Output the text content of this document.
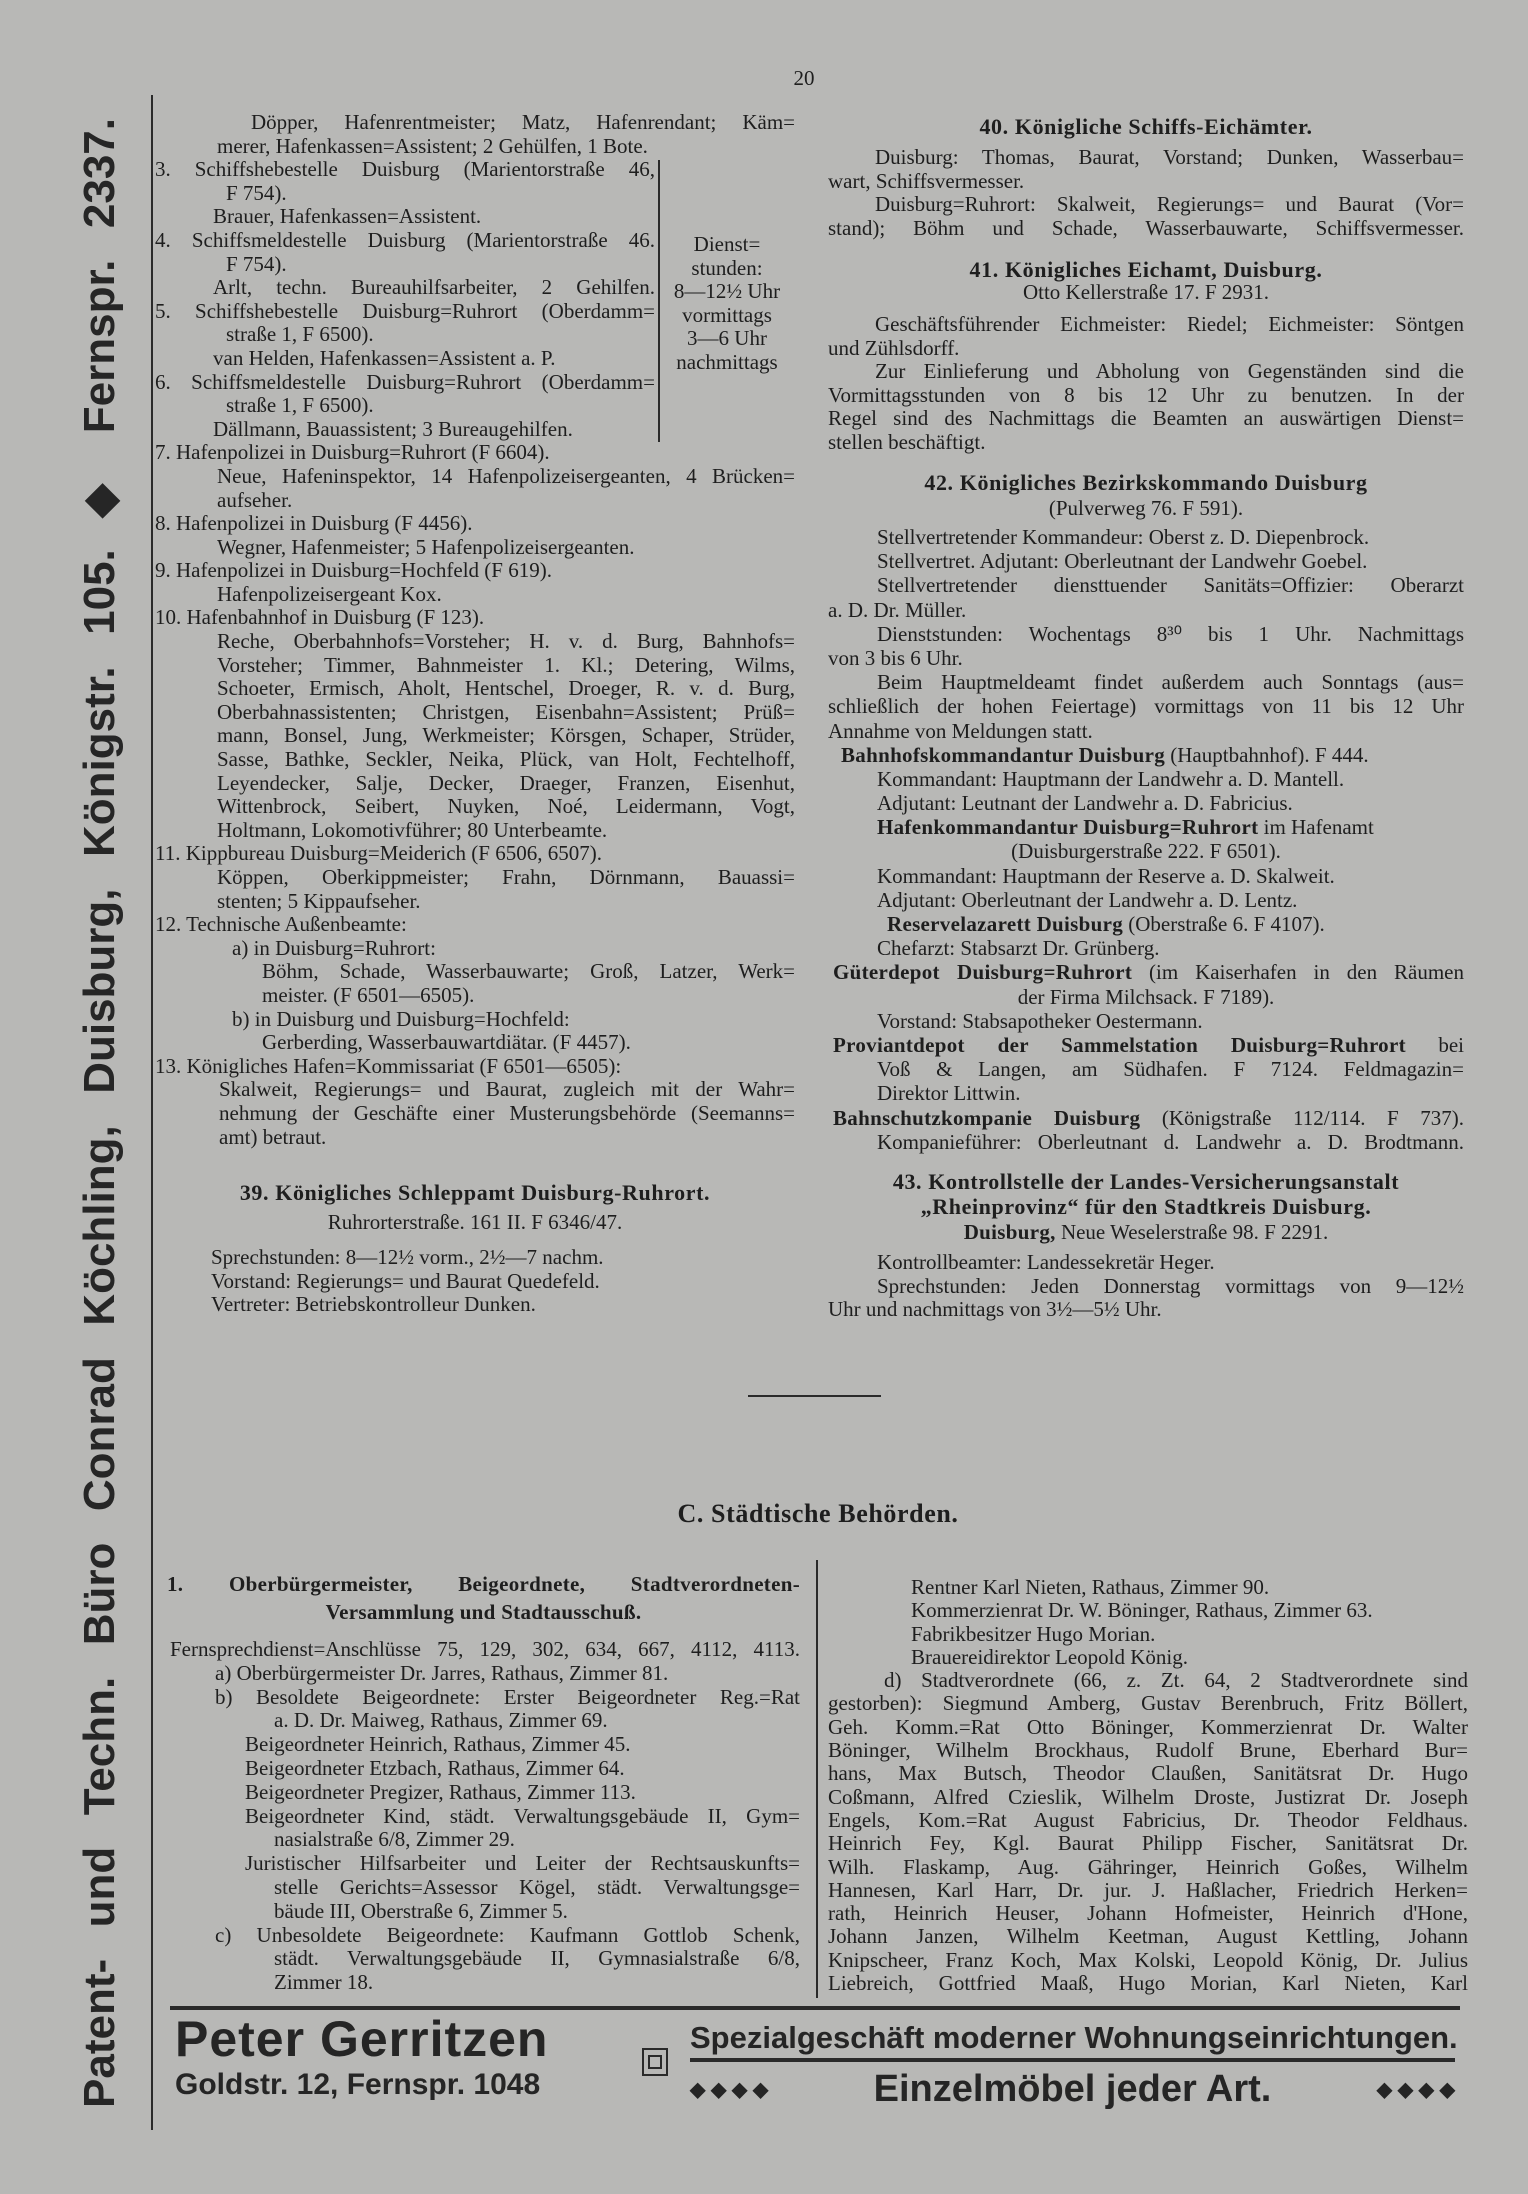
Patent- und Techn. Büro Conrad Köchling, Duisburg, Königstr. 105. ◆ Fernspr. 2337.
20
Döpper, Hafenrentmeister; Matz, Hafenrendant; Käm=
merer, Hafenkassen=Assistent; 2 Gehülfen, 1 Bote.
3. Schiffshebestelle Duisburg (Marientorstraße 46,
F 754).
Brauer, Hafenkassen=Assistent.
4. Schiffsmeldestelle Duisburg (Marientorstraße 46.
F 754).
Arlt, techn. Bureauhilfsarbeiter, 2 Gehilfen.
5. Schiffshebestelle Duisburg=Ruhrort (Oberdamm=
straße 1, F 6500).
van Helden, Hafenkassen=Assistent a. P.
6. Schiffsmeldestelle Duisburg=Ruhrort (Oberdamm=
straße 1, F 6500).
Dällmann, Bauassistent; 3 Bureaugehilfen.
7. Hafenpolizei in Duisburg=Ruhrort (F 6604).
Neue, Hafeninspektor, 14 Hafenpolizeisergeanten, 4 Brücken=
aufseher.
8. Hafenpolizei in Duisburg (F 4456).
Wegner, Hafenmeister; 5 Hafenpolizeisergeanten.
9. Hafenpolizei in Duisburg=Hochfeld (F 619).
Hafenpolizeisergeant Kox.
10. Hafenbahnhof in Duisburg (F 123).
Reche, Oberbahnhofs=Vorsteher; H. v. d. Burg, Bahnhofs=
Vorsteher; Timmer, Bahnmeister 1. Kl.; Detering, Wilms,
Schoeter, Ermisch, Aholt, Hentschel, Droeger, R. v. d. Burg,
Oberbahnassistenten; Christgen, Eisenbahn=Assistent; Prüß=
mann, Bonsel, Jung, Werkmeister; Körsgen, Schaper, Strüder,
Sasse, Bathke, Seckler, Neika, Plück, van Holt, Fechtelhoff,
Leyendecker, Salje, Decker, Draeger, Franzen, Eisenhut,
Wittenbrock, Seibert, Nuyken, Noé, Leidermann, Vogt,
Holtmann, Lokomotivführer; 80 Unterbeamte.
11. Kippbureau Duisburg=Meiderich (F 6506, 6507).
Köppen, Oberkippmeister; Frahn, Dörnmann, Bauassi=
stenten; 5 Kippaufseher.
12. Technische Außenbeamte:
a) in Duisburg=Ruhrort:
Böhm, Schade, Wasserbauwarte; Groß, Latzer, Werk=
meister. (F 6501—6505).
b) in Duisburg und Duisburg=Hochfeld:
Gerberding, Wasserbauwartdiätar. (F 4457).
13. Königliches Hafen=Kommissariat (F 6501—6505):
Skalweit, Regierungs= und Baurat, zugleich mit der Wahr=
nehmung der Geschäfte einer Musterungsbehörde (Seemanns=
amt) betraut.
Dienst=
stunden:
8—12½ Uhr
vormittags
3—6 Uhr
nachmittags
39. Königliches Schleppamt Duisburg-Ruhrort.
Ruhrorterstraße. 161 II. F 6346/47.
Sprechstunden: 8—12½ vorm., 2½—7 nachm.
Vorstand: Regierungs= und Baurat Quedefeld.
Vertreter: Betriebskontrolleur Dunken.
40. Königliche Schiffs-Eichämter.
Duisburg: Thomas, Baurat, Vorstand; Dunken, Wasserbau=
wart, Schiffsvermesser.
Duisburg=Ruhrort: Skalweit, Regierungs= und Baurat (Vor=
stand); Böhm und Schade, Wasserbauwarte, Schiffsvermesser.
41. Königliches Eichamt, Duisburg.
Otto Kellerstraße 17. F 2931.
Geschäftsführender Eichmeister: Riedel; Eichmeister: Söntgen
und Zühlsdorff.
Zur Einlieferung und Abholung von Gegenständen sind die
Vormittagsstunden von 8 bis 12 Uhr zu benutzen. In der
Regel sind des Nachmittags die Beamten an auswärtigen Dienst=
stellen beschäftigt.
42. Königliches Bezirkskommando Duisburg
(Pulverweg 76. F 591).
Stellvertretender Kommandeur: Oberst z. D. Diepenbrock.
Stellvertret. Adjutant: Oberleutnant der Landwehr Goebel.
Stellvertretender diensttuender Sanitäts=Offizier: Oberarzt
a. D. Dr. Müller.
Dienststunden: Wochentags 8³⁰ bis 1 Uhr. Nachmittags
von 3 bis 6 Uhr.
Beim Hauptmeldeamt findet außerdem auch Sonntags (aus=
schließlich der hohen Feiertage) vormittags von 11 bis 12 Uhr
Annahme von Meldungen statt.
Bahnhofskommandantur Duisburg (Hauptbahnhof). F 444.
Kommandant: Hauptmann der Landwehr a. D. Mantell.
Adjutant: Leutnant der Landwehr a. D. Fabricius.
Hafenkommandantur Duisburg=Ruhrort im Hafenamt
(Duisburgerstraße 222. F 6501).
Kommandant: Hauptmann der Reserve a. D. Skalweit.
Adjutant: Oberleutnant der Landwehr a. D. Lentz.
Reservelazarett Duisburg (Oberstraße 6. F 4107).
Chefarzt: Stabsarzt Dr. Grünberg.
Güterdepot Duisburg=Ruhrort (im Kaiserhafen in den Räumen
der Firma Milchsack. F 7189).
Vorstand: Stabsapotheker Oestermann.
Proviantdepot der Sammelstation Duisburg=Ruhrort bei
Voß & Langen, am Südhafen. F 7124. Feldmagazin=
Direktor Littwin.
Bahnschutzkompanie Duisburg (Königstraße 112/114. F 737).
Kompanieführer: Oberleutnant d. Landwehr a. D. Brodtmann.
43. Kontrollstelle der Landes-Versicherungsanstalt
„Rheinprovinz“ für den Stadtkreis Duisburg.
Duisburg, Neue Weselerstraße 98. F 2291.
Kontrollbeamter: Landessekretär Heger.
Sprechstunden: Jeden Donnerstag vormittags von 9—12½
Uhr und nachmittags von 3½—5½ Uhr.
C. Städtische Behörden.
1. Oberbürgermeister, Beigeordnete, Stadtverordneten-
Versammlung und Stadtausschuß.
Fernsprechdienst=Anschlüsse 75, 129, 302, 634, 667, 4112, 4113.
a) Oberbürgermeister Dr. Jarres, Rathaus, Zimmer 81.
b) Besoldete Beigeordnete: Erster Beigeordneter Reg.=Rat
a. D. Dr. Maiweg, Rathaus, Zimmer 69.
Beigeordneter Heinrich, Rathaus, Zimmer 45.
Beigeordneter Etzbach, Rathaus, Zimmer 64.
Beigeordneter Pregizer, Rathaus, Zimmer 113.
Beigeordneter Kind, städt. Verwaltungsgebäude II, Gym=
nasialstraße 6/8, Zimmer 29.
Juristischer Hilfsarbeiter und Leiter der Rechtsauskunfts=
stelle Gerichts=Assessor Kögel, städt. Verwaltungsge=
bäude III, Oberstraße 6, Zimmer 5.
c) Unbesoldete Beigeordnete: Kaufmann Gottlob Schenk,
städt. Verwaltungsgebäude II, Gymnasialstraße 6/8,
Zimmer 18.
Rentner Karl Nieten, Rathaus, Zimmer 90.
Kommerzienrat Dr. W. Böninger, Rathaus, Zimmer 63.
Fabrikbesitzer Hugo Morian.
Brauereidirektor Leopold König.
d) Stadtverordnete (66, z. Zt. 64, 2 Stadtverordnete sind
gestorben): Siegmund Amberg, Gustav Berenbruch, Fritz Böllert,
Geh. Komm.=Rat Otto Böninger, Kommerzienrat Dr. Walter
Böninger, Wilhelm Brockhaus, Rudolf Brune, Eberhard Bur=
hans, Max Butsch, Theodor Claußen, Sanitätsrat Dr. Hugo
Coßmann, Alfred Czieslik, Wilhelm Droste, Justizrat Dr. Joseph
Engels, Kom.=Rat August Fabricius, Dr. Theodor Feldhaus.
Heinrich Fey, Kgl. Baurat Philipp Fischer, Sanitätsrat Dr.
Wilh. Flaskamp, Aug. Gähringer, Heinrich Goßes, Wilhelm
Hannesen, Karl Harr, Dr. jur. J. Haßlacher, Friedrich Herken=
rath, Heinrich Heuser, Johann Hofmeister, Heinrich d'Hone,
Johann Janzen, Wilhelm Keetman, August Kettling, Johann
Knipscheer, Franz Koch, Max Kolski, Leopold König, Dr. Julius
Liebreich, Gottfried Maaß, Hugo Morian, Karl Nieten, Karl
Peter Gerritzen
Goldstr. 12, Fernspr. 1048
Spezialgeschäft moderner Wohnungseinrichtungen.
◆ ◆ ◆ ◆	Einzelmöbel jeder Art.	◆ ◆ ◆ ◆
